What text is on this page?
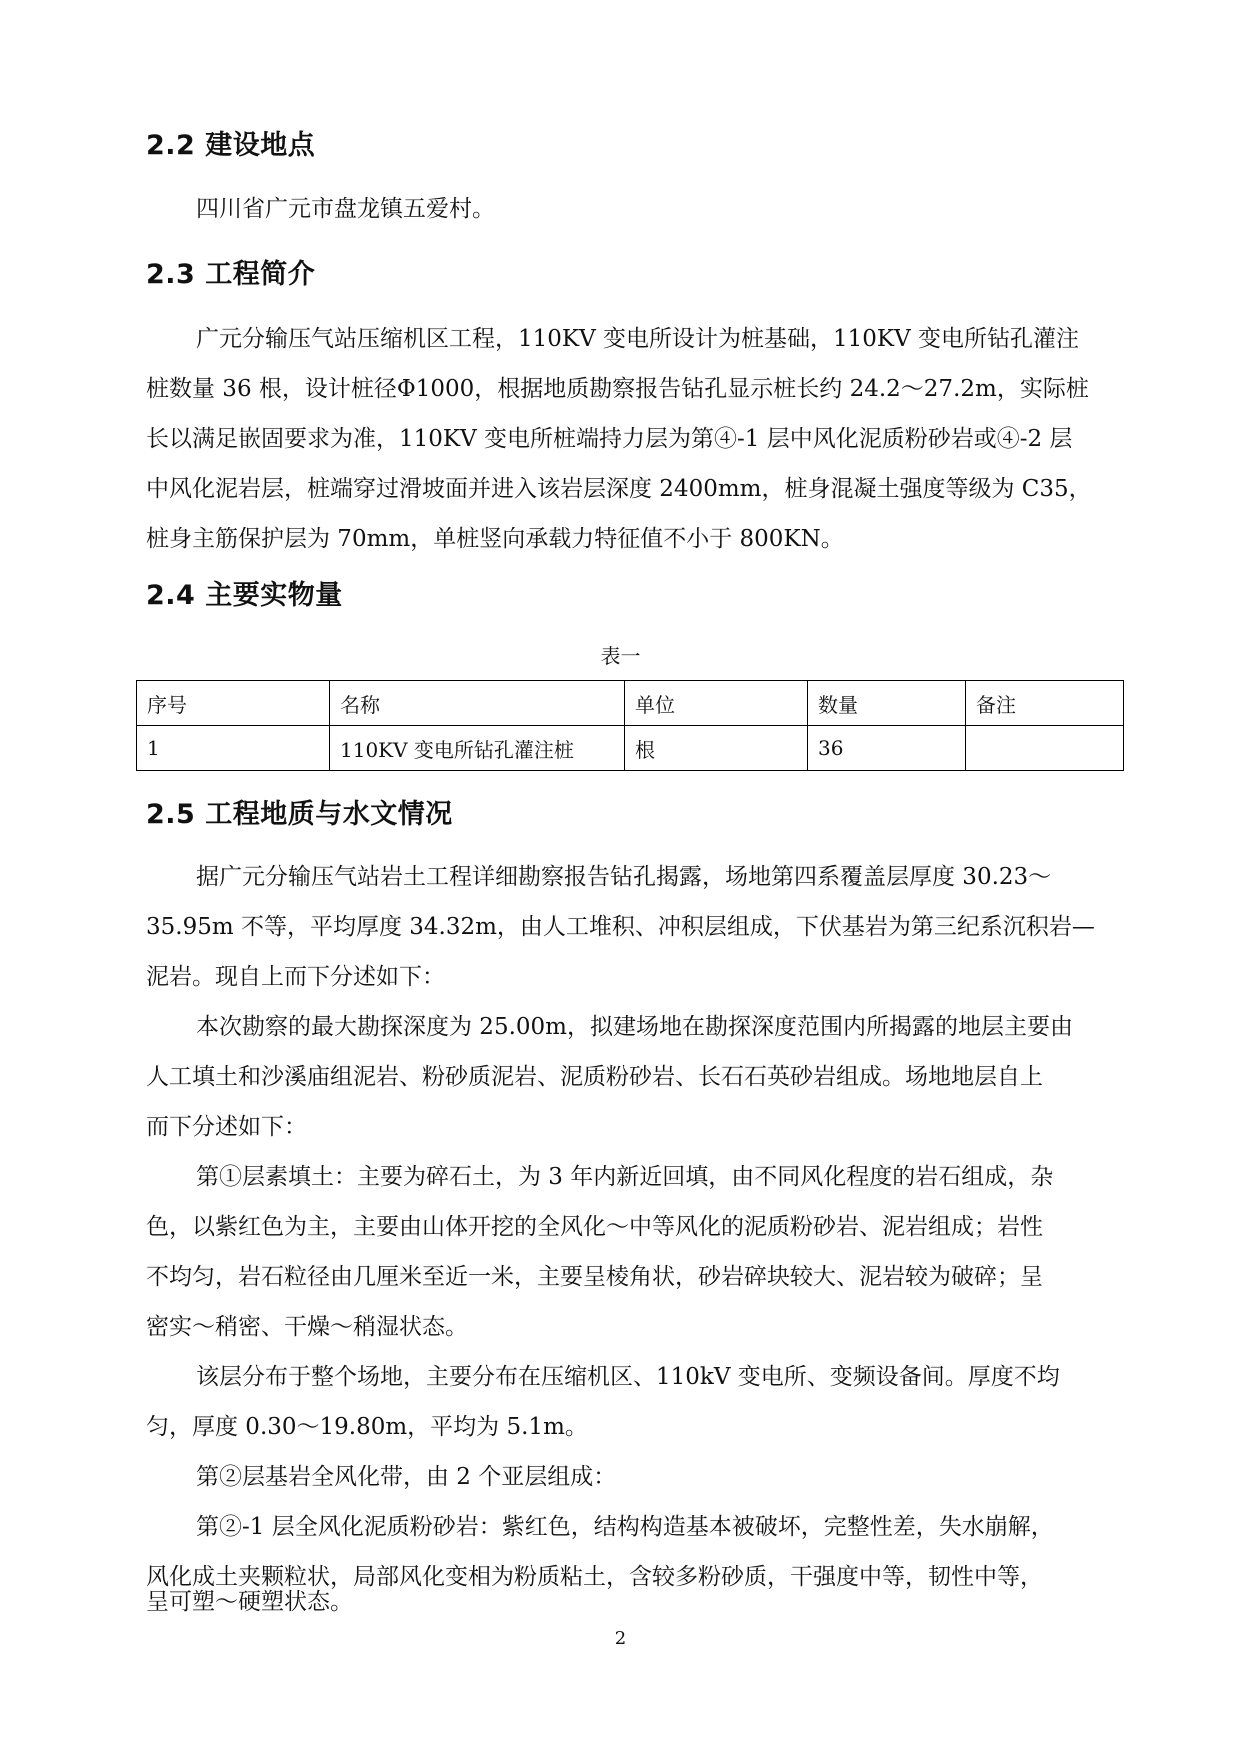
2.2 建设地点
四川省广元市盘龙镇五爱村。
2.3 工程简介
广元分输压气站压缩机区工程，110KV 变电所设计为桩基础，110KV 变电所钻孔灌注
桩数量 36 根，设计桩径Φ1000，根据地质勘察报告钻孔显示桩长约 24.2～27.2m，实际桩
长以满足嵌固要求为准，110KV 变电所桩端持力层为第④-1 层中风化泥质粉砂岩或④-2 层
中风化泥岩层，桩端穿过滑坡面并进入该岩层深度 2400mm，桩身混凝土强度等级为 C35，
桩身主筋保护层为 70mm，单桩竖向承载力特征值不小于 800KN。
2.4 主要实物量
表一
序号	名称	单位	数量	备注
1	110KV 变电所钻孔灌注桩	根	36	
2.5 工程地质与水文情况
据广元分输压气站岩土工程详细勘察报告钻孔揭露，场地第四系覆盖层厚度 30.23～
35.95m 不等，平均厚度 34.32m，由人工堆积、冲积层组成，下伏基岩为第三纪系沉积岩—
泥岩。现自上而下分述如下：
本次勘察的最大勘探深度为 25.00m，拟建场地在勘探深度范围内所揭露的地层主要由
人工填土和沙溪庙组泥岩、粉砂质泥岩、泥质粉砂岩、长石石英砂岩组成。场地地层自上
而下分述如下：
第①层素填土：主要为碎石土，为 3 年内新近回填，由不同风化程度的岩石组成，杂
色，以紫红色为主，主要由山体开挖的全风化～中等风化的泥质粉砂岩、泥岩组成；岩性
不均匀，岩石粒径由几厘米至近一米，主要呈棱角状，砂岩碎块较大、泥岩较为破碎；呈
密实～稍密、干燥～稍湿状态。
该层分布于整个场地，主要分布在压缩机区、110kV 变电所、变频设备间。厚度不均
匀，厚度 0.30～19.80m，平均为 5.1m。
第②层基岩全风化带，由 2 个亚层组成：
第②-1 层全风化泥质粉砂岩：紫红色，结构构造基本被破坏，完整性差，失水崩解，
风化成土夹颗粒状，局部风化变相为粉质粘土，含较多粉砂质，干强度中等，韧性中等，
2
呈可塑～硬塑状态。
